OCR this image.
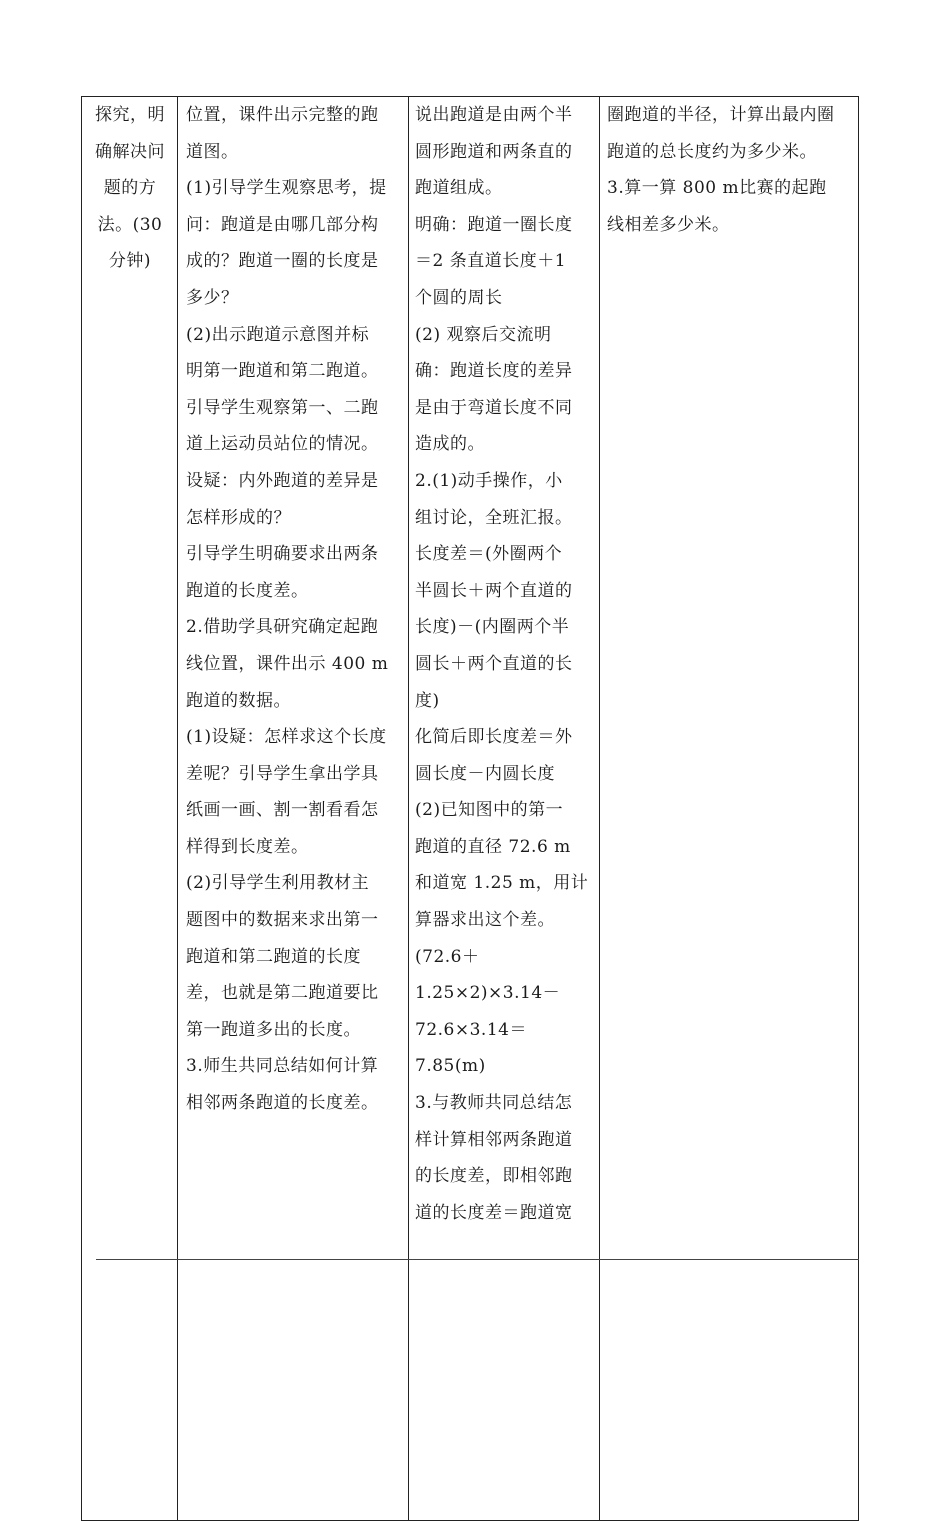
探究，明
确解决问
题的方
法。(30
分钟)
位置，课件出示完整的跑
道图。
(1)引导学生观察思考，提
问：跑道是由哪几部分构
成的？跑道一圈的长度是
多少？
(2)出示跑道示意图并标
明第一跑道和第二跑道。
引导学生观察第一、二跑
道上运动员站位的情况。
设疑：内外跑道的差异是
怎样形成的？
引导学生明确要求出两条
跑道的长度差。
2.借助学具研究确定起跑
线位置，课件出示 400 m
跑道的数据。
(1)设疑：怎样求这个长度
差呢？引导学生拿出学具
纸画一画、割一割看看怎
样得到长度差。
(2)引导学生利用教材主
题图中的数据来求出第一
跑道和第二跑道的长度
差，也就是第二跑道要比
第一跑道多出的长度。
3.师生共同总结如何计算
相邻两条跑道的长度差。
说出跑道是由两个半
圆形跑道和两条直的
跑道组成。
明确：跑道一圈长度
＝2 条直道长度＋1
个圆的周长
(2) 观察后交流明
确：跑道长度的差异
是由于弯道长度不同
造成的。
2.(1)动手操作，小
组讨论，全班汇报。
长度差＝(外圈两个
半圆长＋两个直道的
长度)－(内圈两个半
圆长＋两个直道的长
度)
化简后即长度差＝外
圆长度－内圆长度
(2)已知图中的第一
跑道的直径 72.6 m
和道宽 1.25 m，用计
算器求出这个差。
(72.6＋
1.25×2)×3.14－
72.6×3.14＝
7.85(m)
3.与教师共同总结怎
样计算相邻两条跑道
的长度差，即相邻跑
道的长度差＝跑道宽
圈跑道的半径，计算出最内圈
跑道的总长度约为多少米。
3.算一算 800 m比赛的起跑
线相差多少米。
